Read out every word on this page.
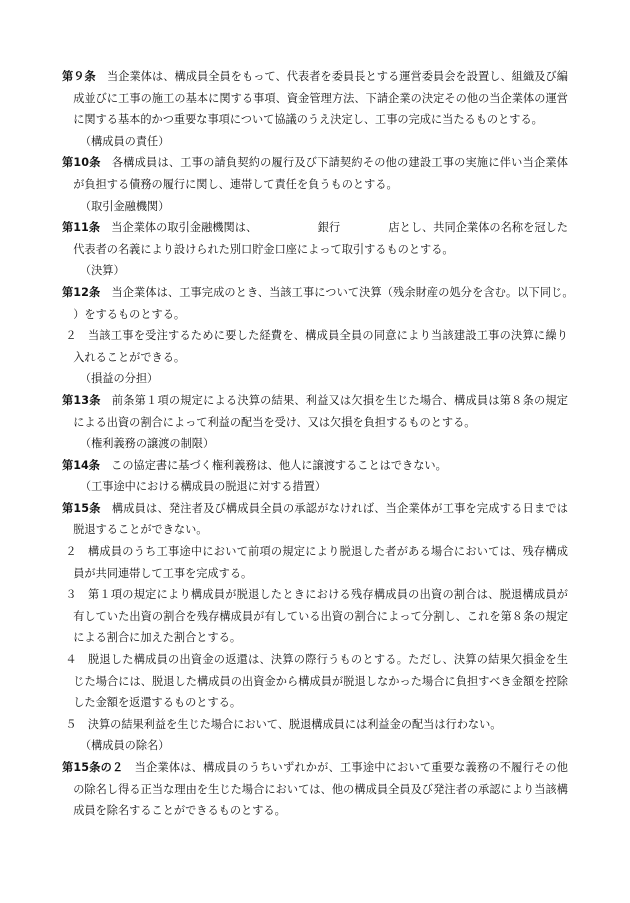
第９条 当企業体は、構成員全員をもって、代表者を委員長とする運営委員会を設置し、組織及び編成並びに工事の施工の基本に関する事項、資金管理方法、下請企業の決定その他の当企業体の運営に関する基本的かつ重要な事項について協議のうえ決定し、工事の完成に当たるものとする。

（構成員の責任）

第10条 各構成員は、工事の請負契約の履行及び下請契約その他の建設工事の実施に伴い当企業体が負担する債務の履行に関し、連帯して責任を負うものとする。

（取引金融機関）

第11条 当企業体の取引金融機関は、	銀行	店とし、共同企業体の名称を冠した代表者の名義により設けられた別口貯金口座によって取引するものとする。

（決算）

第12条 当企業体は、工事完成のとき、当該工事について決算（残余財産の処分を含む。以下同じ。）をするものとする。

２ 当該工事を受注するために要した経費を、構成員全員の同意により当該建設工事の決算に繰り入れることができる。

（損益の分担）

第13条 前条第１項の規定による決算の結果、利益又は欠損を生じた場合、構成員は第８条の規定による出資の割合によって利益の配当を受け、又は欠損を負担するものとする。

（権利義務の譲渡の制限）

第14条 この協定書に基づく権利義務は、他人に譲渡することはできない。

（工事途中における構成員の脱退に対する措置）

第15条 構成員は、発注者及び構成員全員の承認がなければ、当企業体が工事を完成する日までは脱退することができない。

２ 構成員のうち工事途中において前項の規定により脱退した者がある場合においては、残存構成員が共同連帯して工事を完成する。

３ 第１項の規定により構成員が脱退したときにおける残存構成員の出資の割合は、脱退構成員が有していた出資の割合を残存構成員が有している出資の割合によって分割し、これを第８条の規定による割合に加えた割合とする。

４ 脱退した構成員の出資金の返還は、決算の際行うものとする。ただし、決算の結果欠損金を生じた場合には、脱退した構成員の出資金から構成員が脱退しなかった場合に負担すべき金額を控除した金額を返還するものとする。

５ 決算の結果利益を生じた場合において、脱退構成員には利益金の配当は行わない。

（構成員の除名）

第15条の２ 当企業体は、構成員のうちいずれかが、工事途中において重要な義務の不履行その他の除名し得る正当な理由を生じた場合においては、他の構成員全員及び発注者の承認により当該構成員を除名することができるものとする。
